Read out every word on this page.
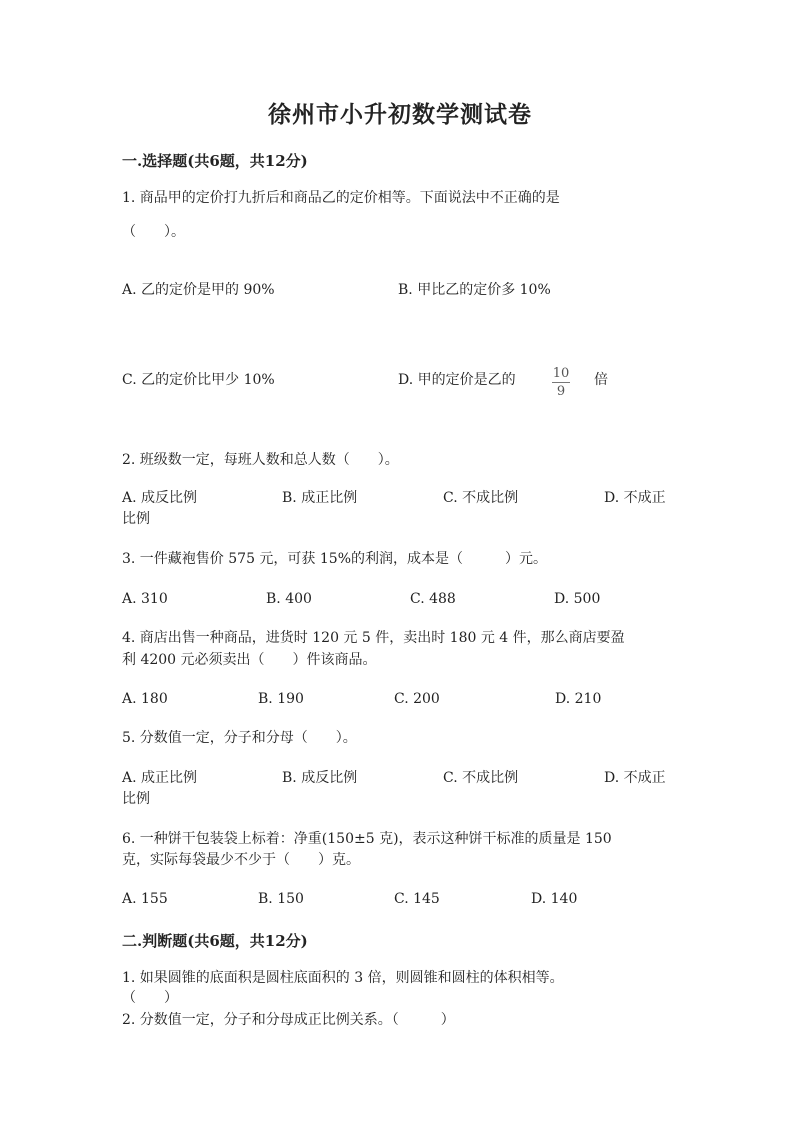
徐州市小升初数学测试卷
一.选择题(共6题，共12分)
1. 商品甲的定价打九折后和商品乙的定价相等。下面说法中不正确的是
（　　）。
A. 乙的定价是甲的 90%	B. 甲比乙的定价多 10%
C. 乙的定价比甲少 10%	D. 甲的定价是乙的	$\frac{10}{9}$ 倍
2. 班级数一定，每班人数和总人数（　　）。
A. 成反比例	B. 成正比例	C. 不成比例	D. 不成正
比例
3. 一件藏袍售价 575 元，可获 15%的利润，成本是（　　　）元。
A. 310	B. 400	C. 488	D. 500
4. 商店出售一种商品，进货时 120 元 5 件，卖出时 180 元 4 件，那么商店要盈
利 4200 元必须卖出（　　）件该商品。
A. 180	B. 190	C. 200	D. 210
5. 分数值一定，分子和分母（　　）。
A. 成正比例	B. 成反比例	C. 不成比例	D. 不成正
比例
6. 一种饼干包装袋上标着：净重(150±5 克)，表示这种饼干标准的质量是 150
克，实际每袋最少不少于（　　）克。
A. 155	B. 150	C. 145	D. 140
二.判断题(共6题，共12分)
1. 如果圆锥的底面积是圆柱底面积的 3 倍，则圆锥和圆柱的体积相等。
（　　）
2. 分数值一定，分子和分母成正比例关系。（　　　）
